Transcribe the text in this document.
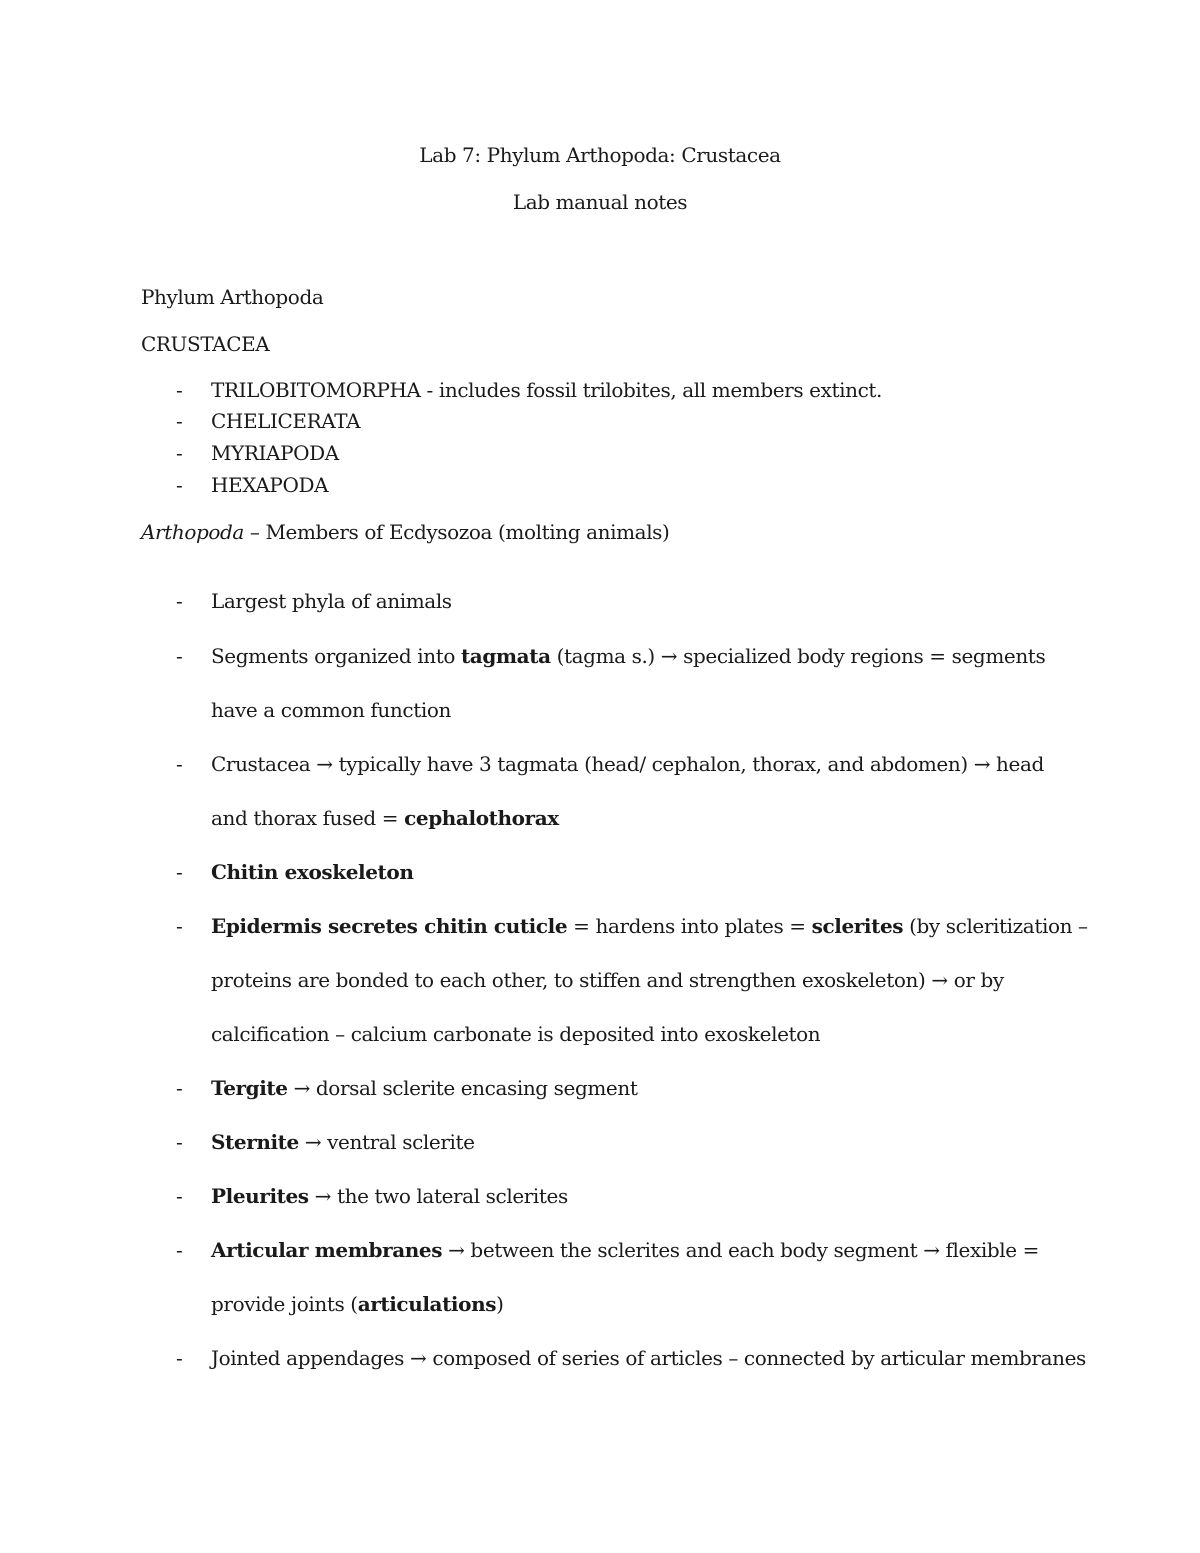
Lab 7: Phylum Arthopoda: Crustacea
Lab manual notes
Phylum Arthopoda
CRUSTACEA
- TRILOBITOMORPHA - includes fossil trilobites, all members extinct.
- CHELICERATA
- MYRIAPODA
- HEXAPODA
Arthopoda – Members of Ecdysozoa (molting animals)
- Largest phyla of animals
- Segments organized into tagmata (tagma s.) → specialized body regions = segments
have a common function
- Crustacea → typically have 3 tagmata (head/ cephalon, thorax, and abdomen) → head
and thorax fused = cephalothorax
- Chitin exoskeleton
- Epidermis secretes chitin cuticle = hardens into plates = sclerites (by scleritization –
proteins are bonded to each other, to stiffen and strengthen exoskeleton) → or by
calcification – calcium carbonate is deposited into exoskeleton
- Tergite → dorsal sclerite encasing segment
- Sternite → ventral sclerite
- Pleurites → the two lateral sclerites
- Articular membranes → between the sclerites and each body segment → flexible =
provide joints (articulations)
- Jointed appendages → composed of series of articles – connected by articular membranes
